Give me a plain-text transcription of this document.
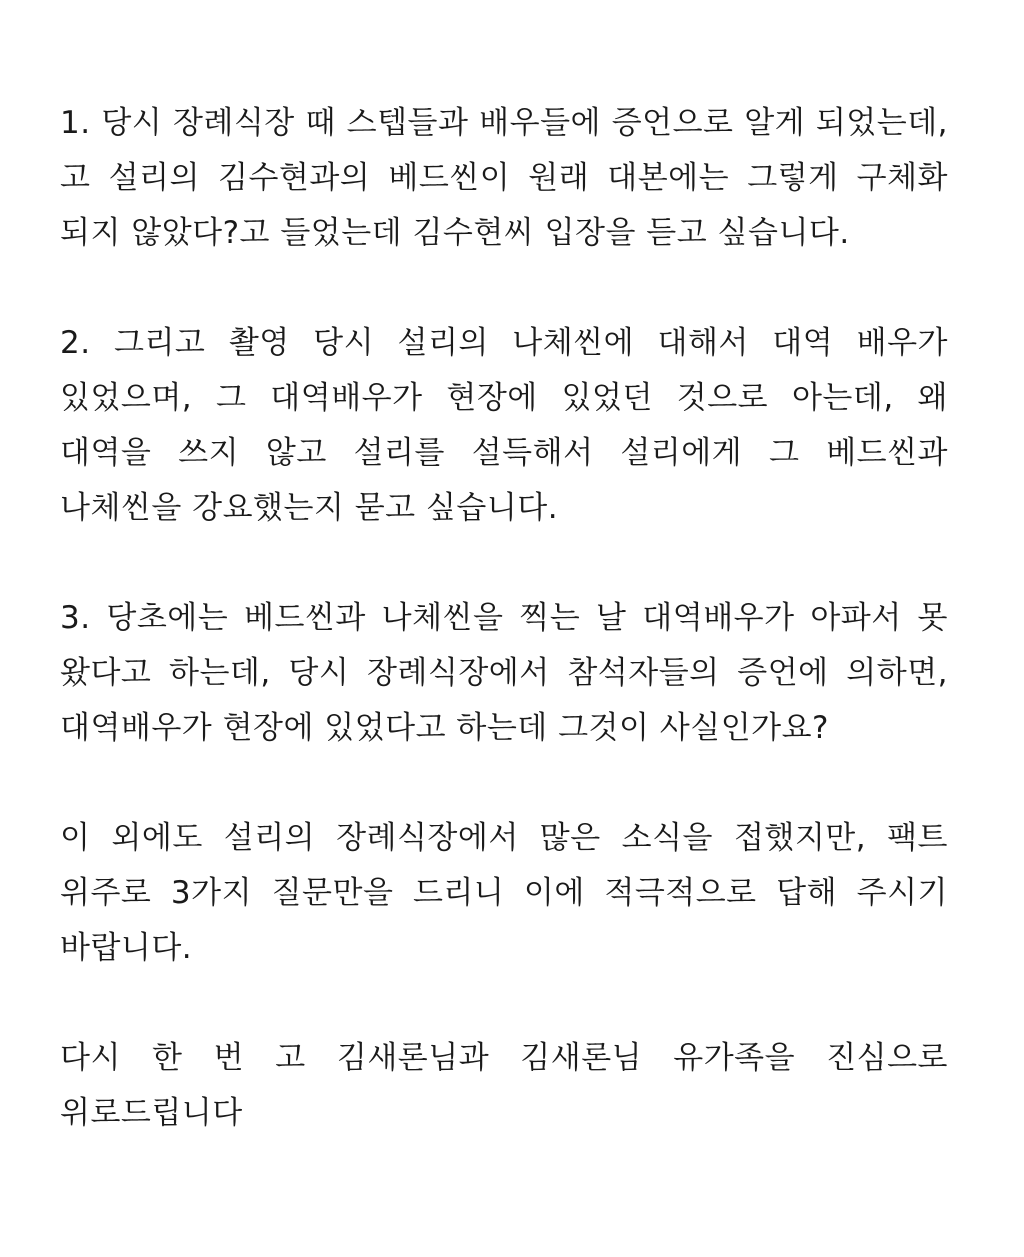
1. 당시 장례식장 때 스텝들과 배우들에 증언으로 알게 되었는데, 고 설리의 김수현과의 베드씬이 원래 대본에는 그렇게 구체화 되지 않았다?고 들었는데 김수현씨 입장을 듣고 싶습니다.

2. 그리고 촬영 당시 설리의 나체씬에 대해서 대역 배우가 있었으며, 그 대역배우가 현장에 있었던 것으로 아는데, 왜 대역을 쓰지 않고 설리를 설득해서 설리에게 그 베드씬과 나체씬을 강요했는지 묻고 싶습니다.

3. 당초에는 베드씬과 나체씬을 찍는 날 대역배우가 아파서 못 왔다고 하는데, 당시 장례식장에서 참석자들의 증언에 의하면, 대역배우가 현장에 있었다고 하는데 그것이 사실인가요?

이 외에도 설리의 장례식장에서 많은 소식을 접했지만, 팩트 위주로 3가지 질문만을 드리니 이에 적극적으로 답해 주시기 바랍니다.

다시 한 번 고 김새론님과 김새론님 유가족을 진심으로 위로드립니다
